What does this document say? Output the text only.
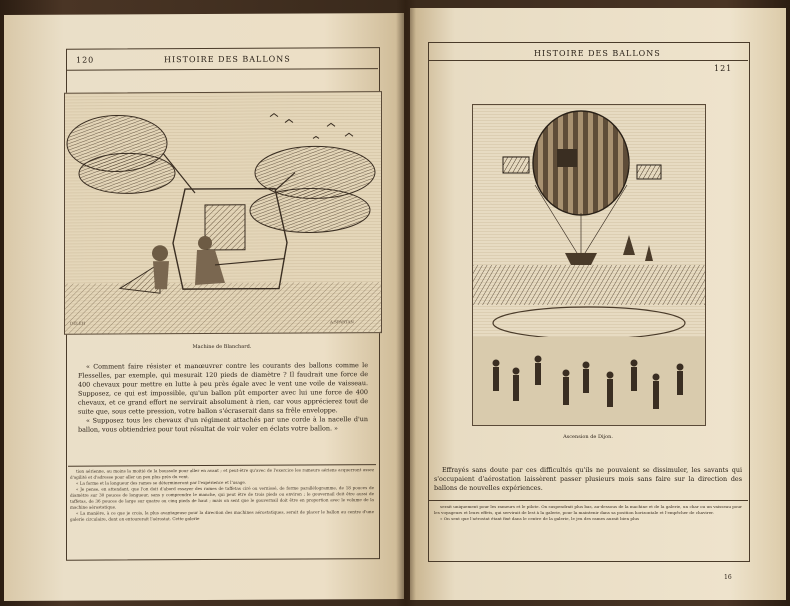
120	HISTOIRE DES BALLONS
DELEH	A.SPARTAN
Machine de Blanchard.

« Comment faire résister et manœuvrer contre les courants des ballons comme le Flesselles, par exemple, qui mesurait 120 pieds de diamètre ? Il faudrait une force de 400 chevaux pour mettre en lutte à peu près égale avec le vent une voile de vaisseau. Supposez, ce qui est impossible, qu'un ballon pût emporter avec lui une force de 400 chevaux, et ce grand effort ne servirait absolument à rien, car vous apprécierez tout de suite que, sous cette pression, votre ballon s'écraserait dans sa frêle enveloppe.

« Supposez tous les chevaux d'un régiment attachés par une corde à la nacelle d'un ballon, vous obtiendriez pour tout résultat de voir voler en éclats votre ballon. »

tion aérienne, au moins la moitié de la boussole pour aller en avant ; et peut-être qu'avec de l'exercice les rameurs aériens acquerront assez d'agilité et d'adresse pour aller un peu plus près du vent.

« La forme et la longueur des rames se détermineront par l'expérience et l'usage.

« Je pense, en attendant, que l'on doit d'abord essayer des rames de taffetas ciré ou vernissé, de forme parallélogramme, de 18 pouces de diamètre sur 30 pouces de longueur, sans y comprendre le manche, qui peut être de trois pieds ou environ ; le gouvernail doit être aussi de taffetas, de 36 pouces de large sur quatre ou cinq pieds de haut ; mais on sent que le gouvernail doit être en proportion avec le volume de la machine aérostatique.

« La manière, à ce que je crois, la plus avantageuse pour la direction des machines aérostatiques, serait de placer le ballon au centre d'une galerie circulaire, dont on entourerait l'aérostat. Cette galerie

HISTOIRE DES BALLONS
121
Ascension de Dijon.

Effrayés sans doute par ces difficultés qu'ils ne pouvaient se dissimuler, les savants qui s'occupaient d'aérostation laissèrent passer plusieurs mois sans faire sur la direction des ballons de nouvelles expériences.

serait uniquement pour les rameurs et le pilote. On suspendrait plus bas, au-dessous de la machine et de la galerie, un char ou un vaisseau pour les voyageurs et leurs effets, qui servirait de lest à la galerie, pour la maintenir dans sa position horizontale et l'empêcher de chavirer.

« On sent que l'aérostat étant fixé dans le centre de la galerie, le jeu des rames aurait bien plus

16
